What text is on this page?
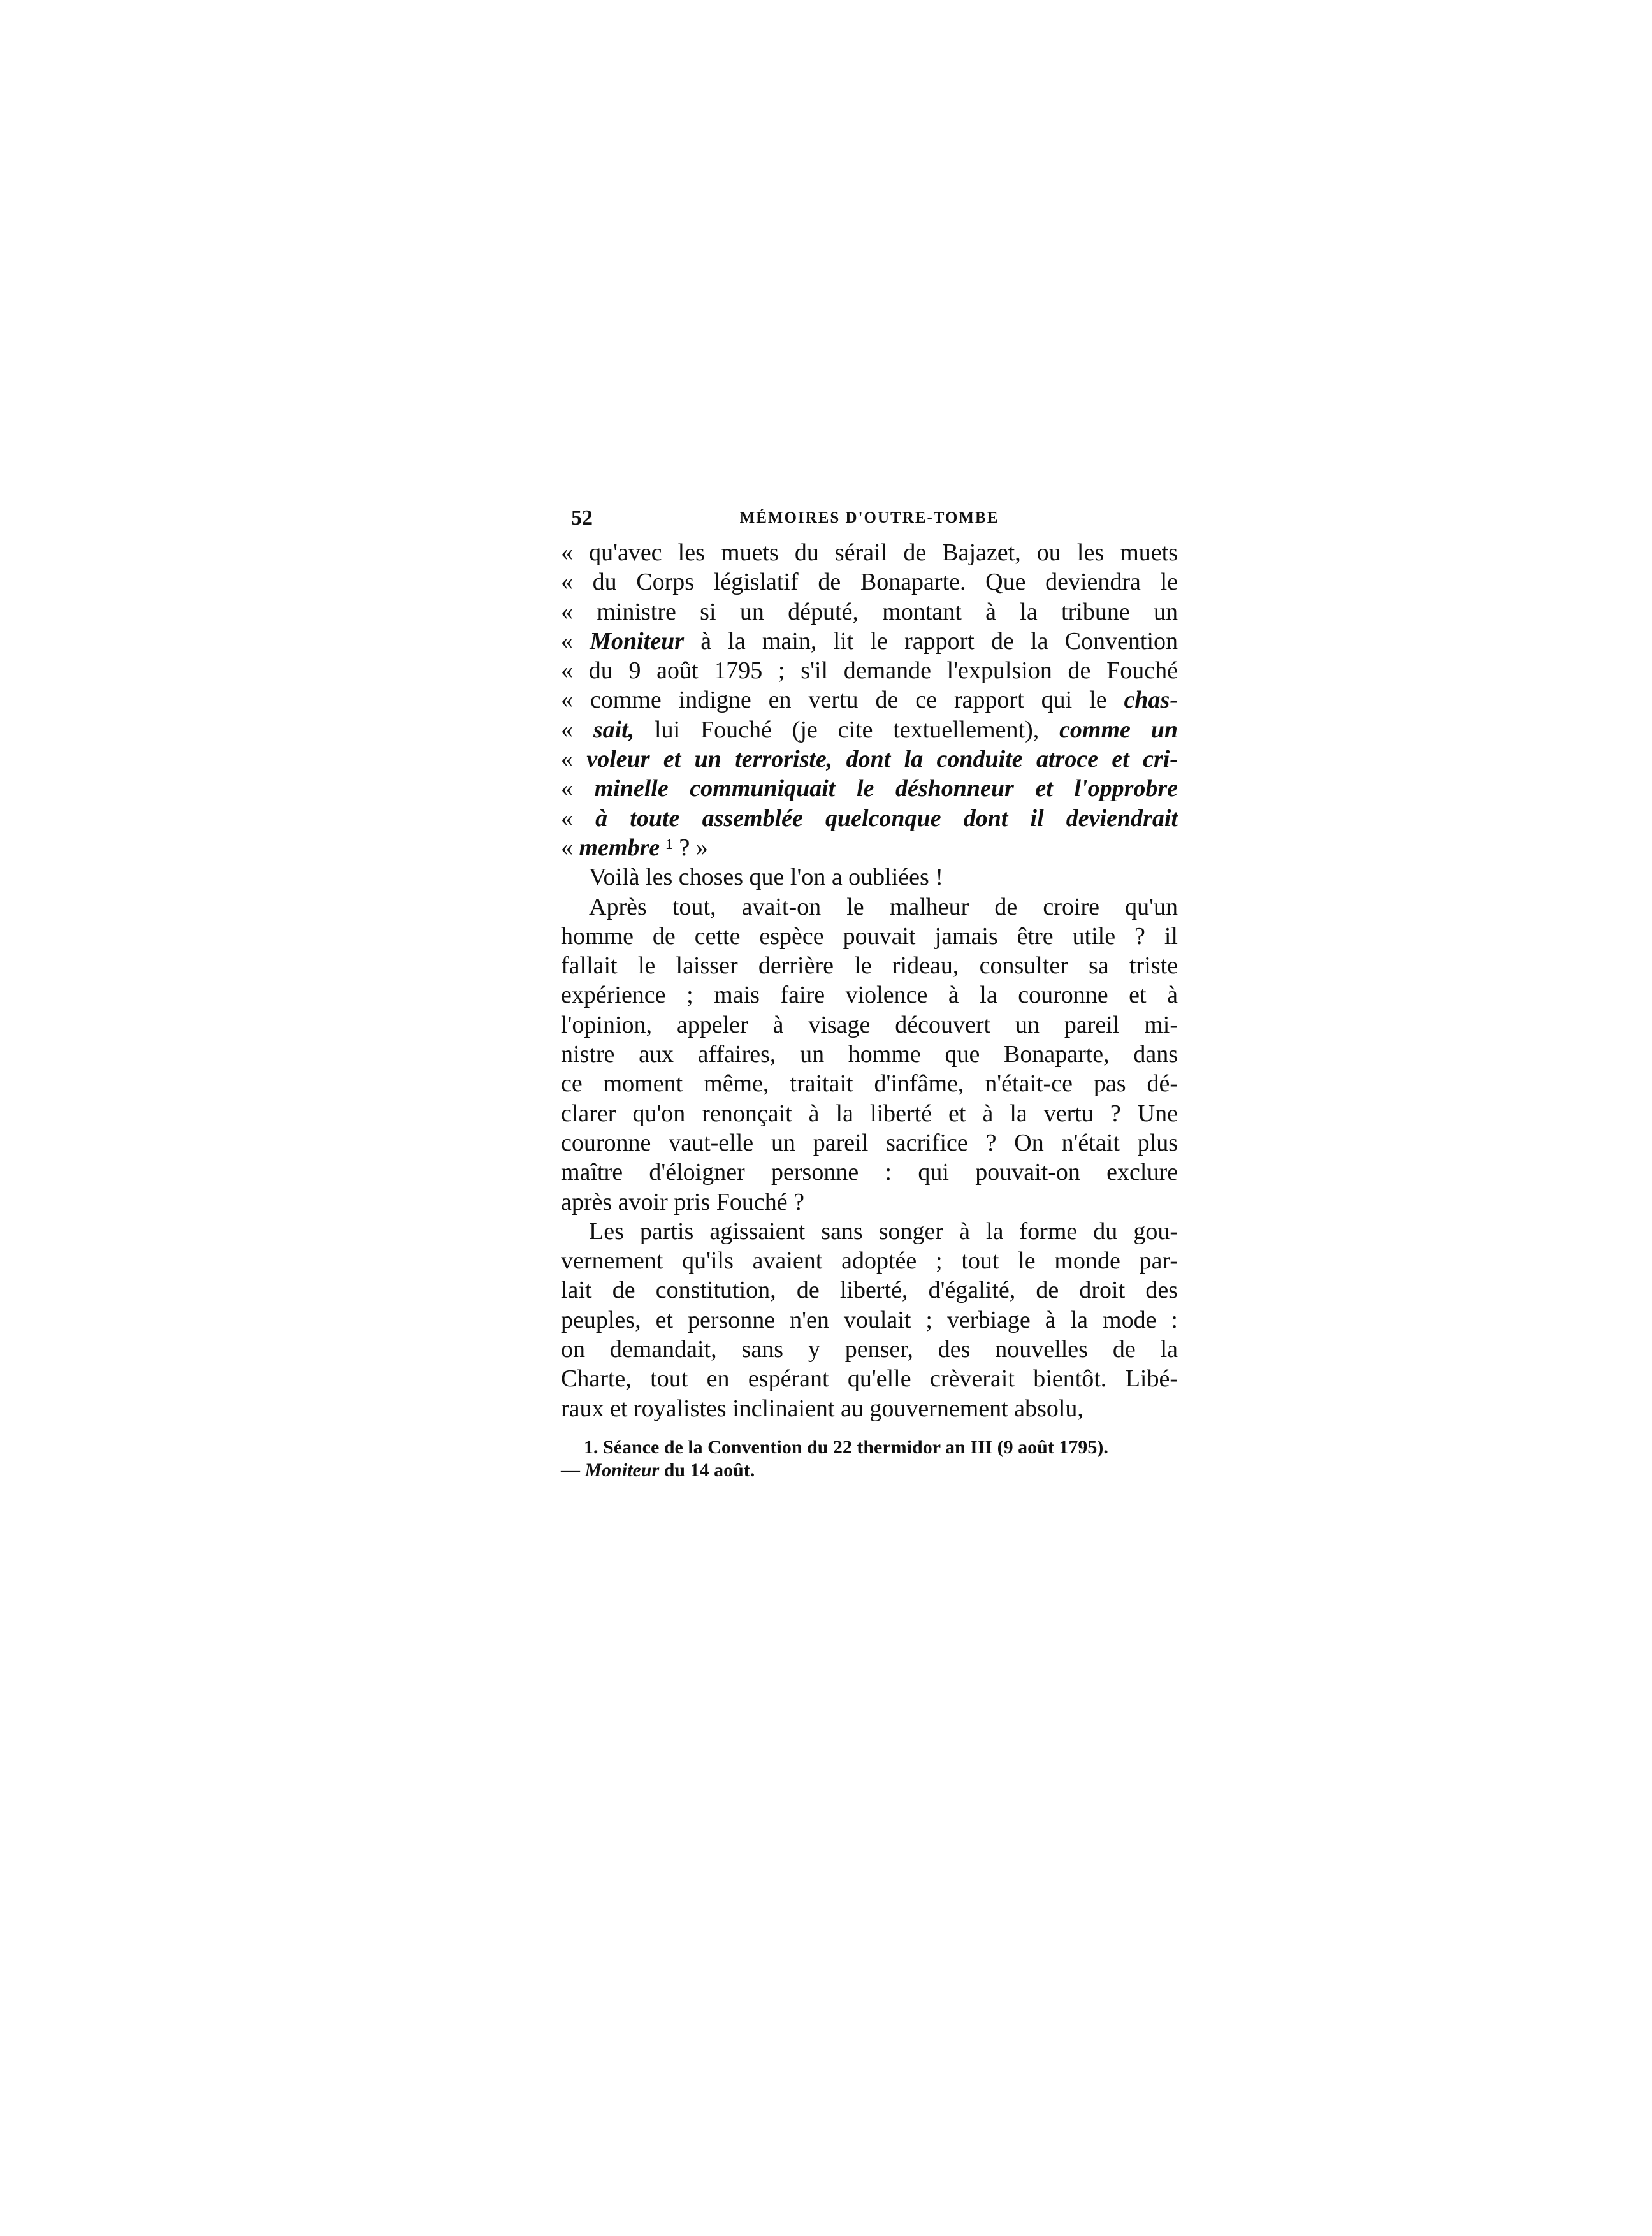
52	MÉMOIRES D'OUTRE-TOMBE
« qu'avec les muets du sérail de Bajazet, ou les muets
« du Corps législatif de Bonaparte. Que deviendra le
« ministre si un député, montant à la tribune un
« Moniteur à la main, lit le rapport de la Convention
« du 9 août 1795 ; s'il demande l'expulsion de Fouché
« comme indigne en vertu de ce rapport qui le chas-
« sait, lui Fouché (je cite textuellement), comme un
« voleur et un terroriste, dont la conduite atroce et cri-
« minelle communiquait le déshonneur et l'opprobre
« à toute assemblée quelconque dont il deviendrait
« membre ¹ ? »
Voilà les choses que l'on a oubliées !
Après tout, avait-on le malheur de croire qu'un
homme de cette espèce pouvait jamais être utile ? il
fallait le laisser derrière le rideau, consulter sa triste
expérience ; mais faire violence à la couronne et à
l'opinion, appeler à visage découvert un pareil mi-
nistre aux affaires, un homme que Bonaparte, dans
ce moment même, traitait d'infâme, n'était-ce pas dé-
clarer qu'on renonçait à la liberté et à la vertu ? Une
couronne vaut-elle un pareil sacrifice ? On n'était plus
maître d'éloigner personne : qui pouvait-on exclure
après avoir pris Fouché ?
Les partis agissaient sans songer à la forme du gou-
vernement qu'ils avaient adoptée ; tout le monde par-
lait de constitution, de liberté, d'égalité, de droit des
peuples, et personne n'en voulait ; verbiage à la mode :
on demandait, sans y penser, des nouvelles de la
Charte, tout en espérant qu'elle crèverait bientôt. Libé-
raux et royalistes inclinaient au gouvernement absolu,
1. Séance de la Convention du 22 thermidor an III (9 août 1795).
— Moniteur du 14 août.
